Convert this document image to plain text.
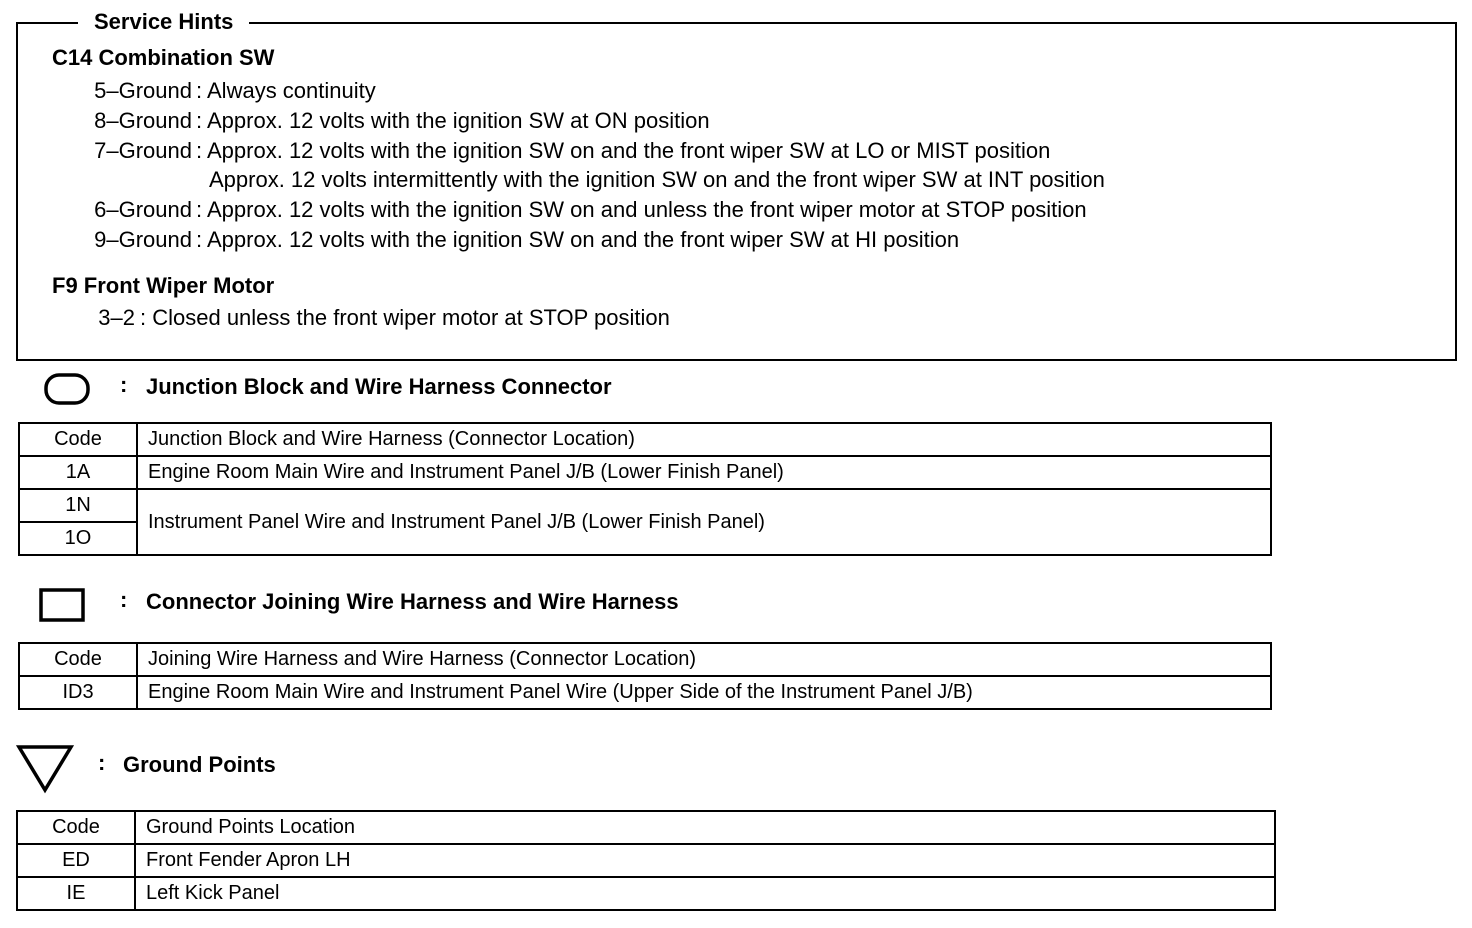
Service Hints
C14 Combination SW
5–Ground : Always continuity
8–Ground : Approx. 12 volts with the ignition SW at ON position
7–Ground : Approx. 12 volts with the ignition SW on and the front wiper SW at LO or MIST position
Approx. 12 volts intermittently with the ignition SW on and the front wiper SW at INT position
6–Ground : Approx. 12 volts with the ignition SW on and unless the front wiper motor at STOP position
9–Ground : Approx. 12 volts with the ignition SW on and the front wiper SW at HI position
F9 Front Wiper Motor
3–2 : Closed unless the front wiper motor at STOP position
: Junction Block and Wire Harness Connector
Code	Junction Block and Wire Harness (Connector Location)
1A	Engine Room Main Wire and Instrument Panel J/B (Lower Finish Panel)
1N	Instrument Panel Wire and Instrument Panel J/B (Lower Finish Panel)
1O	
: Connector Joining Wire Harness and Wire Harness
Code	Joining Wire Harness and Wire Harness (Connector Location)
ID3	Engine Room Main Wire and Instrument Panel Wire (Upper Side of the Instrument Panel J/B)
: Ground Points
Code	Ground Points Location
ED	Front Fender Apron LH
IE	Left Kick Panel
